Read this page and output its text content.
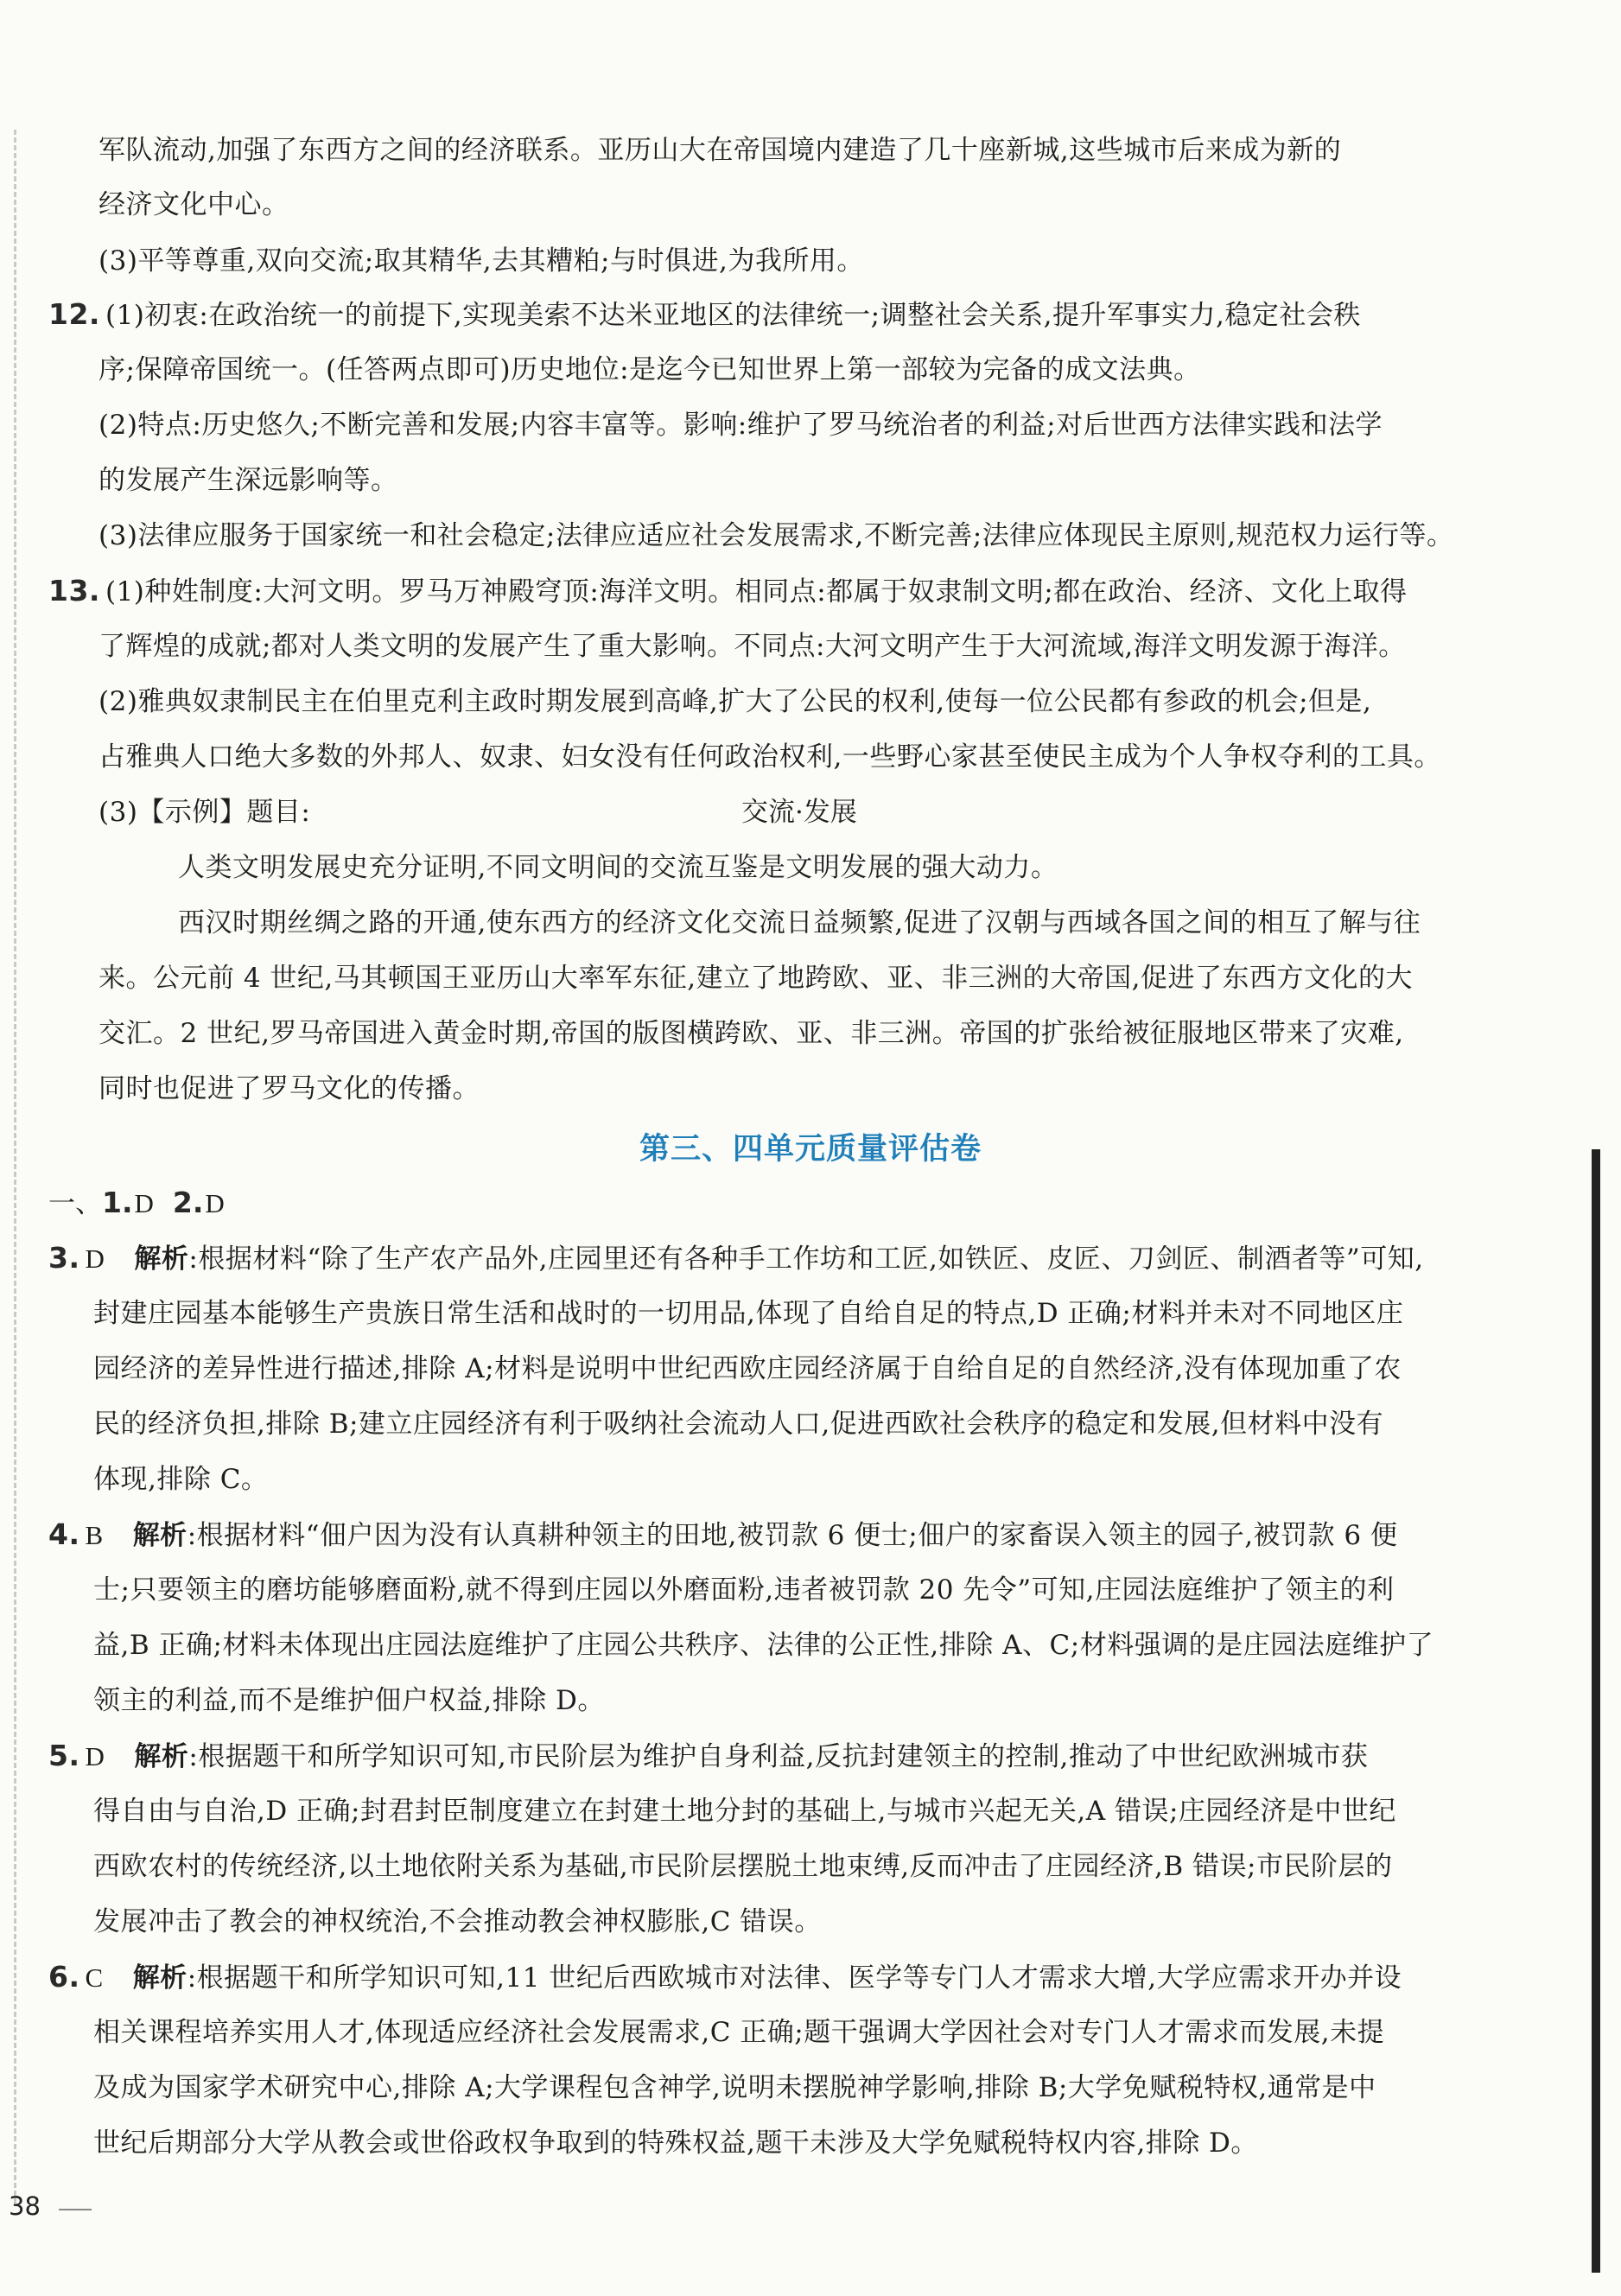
军队流动,加强了东西方之间的经济联系。亚历山大在帝国境内建造了几十座新城,这些城市后来成为新的
经济文化中心。
(3)平等尊重,双向交流;取其精华,去其糟粕;与时俱进,为我所用。
12. (1)初衷:在政治统一的前提下,实现美索不达米亚地区的法律统一;调整社会关系,提升军事实力,稳定社会秩
序;保障帝国统一。(任答两点即可)历史地位:是迄今已知世界上第一部较为完备的成文法典。
(2)特点:历史悠久;不断完善和发展;内容丰富等。影响:维护了罗马统治者的利益;对后世西方法律实践和法学
的发展产生深远影响等。
(3)法律应服务于国家统一和社会稳定;法律应适应社会发展需求,不断完善;法律应体现民主原则,规范权力运行等。
13. (1)种姓制度:大河文明。罗马万神殿穹顶:海洋文明。相同点:都属于奴隶制文明;都在政治、经济、文化上取得
了辉煌的成就;都对人类文明的发展产生了重大影响。不同点:大河文明产生于大河流域,海洋文明发源于海洋。
(2)雅典奴隶制民主在伯里克利主政时期发展到高峰,扩大了公民的权利,使每一位公民都有参政的机会;但是,
占雅典人口绝大多数的外邦人、奴隶、妇女没有任何政治权利,一些野心家甚至使民主成为个人争权夺利的工具。
(3)【示例】题目:	交流·发展
人类文明发展史充分证明,不同文明间的交流互鉴是文明发展的强大动力。
西汉时期丝绸之路的开通,使东西方的经济文化交流日益频繁,促进了汉朝与西域各国之间的相互了解与往
来。公元前 4 世纪,马其顿国王亚历山大率军东征,建立了地跨欧、亚、非三洲的大帝国,促进了东西方文化的大
交汇。2 世纪,罗马帝国进入黄金时期,帝国的版图横跨欧、亚、非三洲。帝国的扩张给被征服地区带来了灾难,
同时也促进了罗马文化的传播。
第三、四单元质量评估卷
一、1.D 2.D
3. D 解析:根据材料“除了生产农产品外,庄园里还有各种手工作坊和工匠,如铁匠、皮匠、刀剑匠、制酒者等”可知,
封建庄园基本能够生产贵族日常生活和战时的一切用品,体现了自给自足的特点,D 正确;材料并未对不同地区庄
园经济的差异性进行描述,排除 A;材料是说明中世纪西欧庄园经济属于自给自足的自然经济,没有体现加重了农
民的经济负担,排除 B;建立庄园经济有利于吸纳社会流动人口,促进西欧社会秩序的稳定和发展,但材料中没有
体现,排除 C。
4. B 解析:根据材料“佃户因为没有认真耕种领主的田地,被罚款 6 便士;佃户的家畜误入领主的园子,被罚款 6 便
士;只要领主的磨坊能够磨面粉,就不得到庄园以外磨面粉,违者被罚款 20 先令”可知,庄园法庭维护了领主的利
益,B 正确;材料未体现出庄园法庭维护了庄园公共秩序、法律的公正性,排除 A、C;材料强调的是庄园法庭维护了
领主的利益,而不是维护佃户权益,排除 D。
5. D 解析:根据题干和所学知识可知,市民阶层为维护自身利益,反抗封建领主的控制,推动了中世纪欧洲城市获
得自由与自治,D 正确;封君封臣制度建立在封建土地分封的基础上,与城市兴起无关,A 错误;庄园经济是中世纪
西欧农村的传统经济,以土地依附关系为基础,市民阶层摆脱土地束缚,反而冲击了庄园经济,B 错误;市民阶层的
发展冲击了教会的神权统治,不会推动教会神权膨胀,C 错误。
6. C 解析:根据题干和所学知识可知,11 世纪后西欧城市对法律、医学等专门人才需求大增,大学应需求开办并设
相关课程培养实用人才,体现适应经济社会发展需求,C 正确;题干强调大学因社会对专门人才需求而发展,未提
及成为国家学术研究中心,排除 A;大学课程包含神学,说明未摆脱神学影响,排除 B;大学免赋税特权,通常是中
世纪后期部分大学从教会或世俗政权争取到的特殊权益,题干未涉及大学免赋税特权内容,排除 D。
38
